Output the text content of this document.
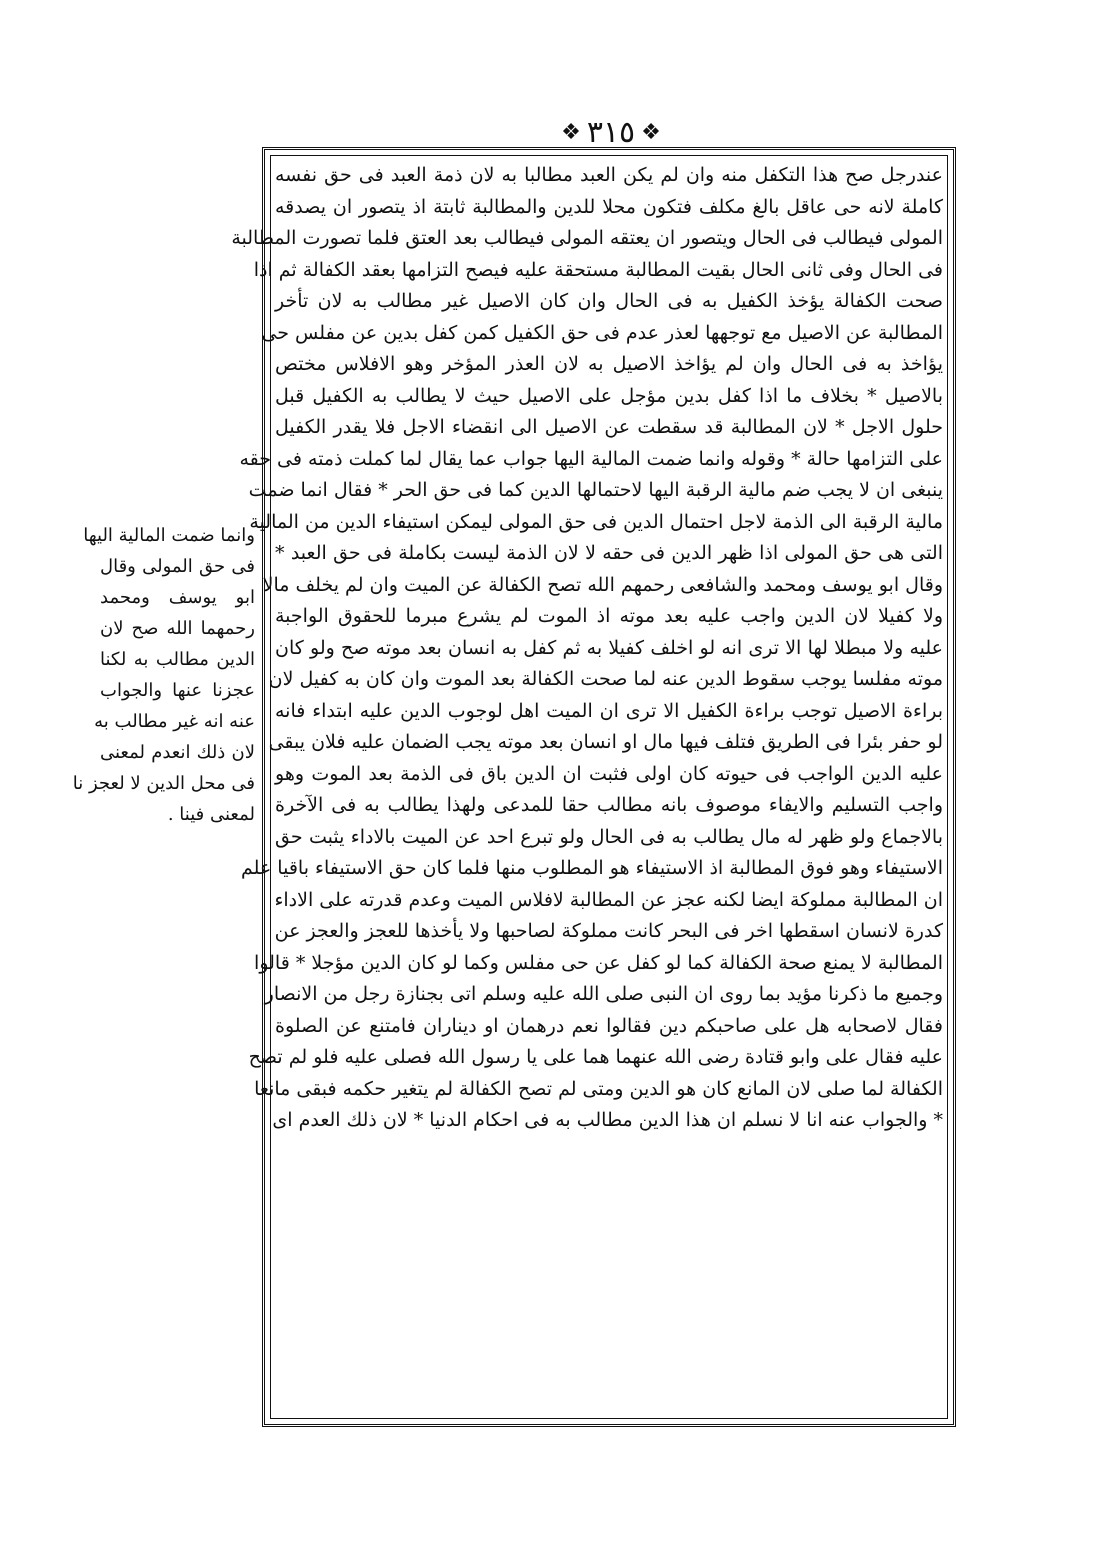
❖
٣١٥
❖
عندرجل صح هذا التكفل منه وان لم يكن العبد مطالبا به لان ذمة العبد فى حق نفسه
كاملة لانه حى عاقل بالغ مكلف فتكون محلا للدين والمطالبة ثابتة اذ يتصور ان يصدقه
المولى فيطالب فى الحال ويتصور ان يعتقه المولى فيطالب بعد العتق فلما تصورت المطالبة
فى الحال وفى ثانى الحال بقيت المطالبة مستحقة عليه فيصح التزامها بعقد الكفالة ثم اذا
صحت الكفالة يؤخذ الكفيل به فى الحال وان كان الاصيل غير مطالب به لان تأخر
المطالبة عن الاصيل مع توجهها لعذر عدم فى حق الكفيل كمن كفل بدين عن مفلس حى
يؤاخذ به فى الحال وان لم يؤاخذ الاصيل به لان العذر المؤخر وهو الافلاس مختص
بالاصيل * بخلاف ما اذا كفل بدين مؤجل على الاصيل حيث لا يطالب به الكفيل قبل
حلول الاجل * لان المطالبة قد سقطت عن الاصيل الى انقضاء الاجل فلا يقدر الكفيل
على التزامها حالة * وقوله وانما ضمت المالية اليها جواب عما يقال لما كملت ذمته فى حقه
ينبغى ان لا يجب ضم مالية الرقبة اليها لاحتمالها الدين كما فى حق الحر * فقال انما ضمت
مالية الرقبة الى الذمة لاجل احتمال الدين فى حق المولى ليمكن استيفاء الدين من المالية
التى هى حق المولى اذا ظهر الدين فى حقه لا لان الذمة ليست بكاملة فى حق العبد *
وقال ابو يوسف ومحمد والشافعى رحمهم الله تصح الكفالة عن الميت وان لم يخلف مالا
ولا كفيلا لان الدين واجب عليه بعد موته اذ الموت لم يشرع مبرما للحقوق الواجبة
عليه ولا مبطلا لها الا ترى انه لو اخلف كفيلا به ثم كفل به انسان بعد موته صح ولو كان
موته مفلسا يوجب سقوط الدين عنه لما صحت الكفالة بعد الموت وان كان به كفيل لان
براءة الاصيل توجب براءة الكفيل الا ترى ان الميت اهل لوجوب الدين عليه ابتداء فانه
لو حفر بئرا فى الطريق فتلف فيها مال او انسان بعد موته يجب الضمان عليه فلان يبقى
عليه الدين الواجب فى حيوته كان اولى فثبت ان الدين باق فى الذمة بعد الموت وهو
واجب التسليم والايفاء موصوف بانه مطالب حقا للمدعى ولهذا يطالب به فى الآخرة
بالاجماع ولو ظهر له مال يطالب به فى الحال ولو تبرع احد عن الميت بالاداء يثبت حق
الاستيفاء وهو فوق المطالبة اذ الاستيفاء هو المطلوب منها فلما كان حق الاستيفاء باقيا علم
ان المطالبة مملوكة ايضا لكنه عجز عن المطالبة لافلاس الميت وعدم قدرته على الاداء
كدرة لانسان اسقطها اخر فى البحر كانت مملوكة لصاحبها ولا يأخذها للعجز والعجز عن
المطالبة لا يمنع صحة الكفالة كما لو كفل عن حى مفلس وكما لو كان الدين مؤجلا * قالوا
وجميع ما ذكرنا مؤيد بما روى ان النبى صلى الله عليه وسلم اتى بجنازة رجل من الانصار
فقال لاصحابه هل على صاحبكم دين فقالوا نعم درهمان او ديناران فامتنع عن الصلوة
عليه فقال على وابو قتادة رضى الله عنهما هما على يا رسول الله فصلى عليه فلو لم تصح
الكفالة لما صلى لان المانع كان هو الدين ومتى لم تصح الكفالة لم يتغير حكمه فبقى مانعا
* والجواب عنه انا لا نسلم ان هذا الدين مطالب به فى احكام الدنيا * لان ذلك العدم اى
وانما ضمت المالية اليها
فى حق المولى وقال
ابو يوسف ومحمد
رحمهما الله صح لان
الدين مطالب به لكنا
عجزنا عنها والجواب
عنه انه غير مطالب به
لان ذلك انعدم لمعنى
فى محل الدين لا لعجز نا
لمعنى فينا .
